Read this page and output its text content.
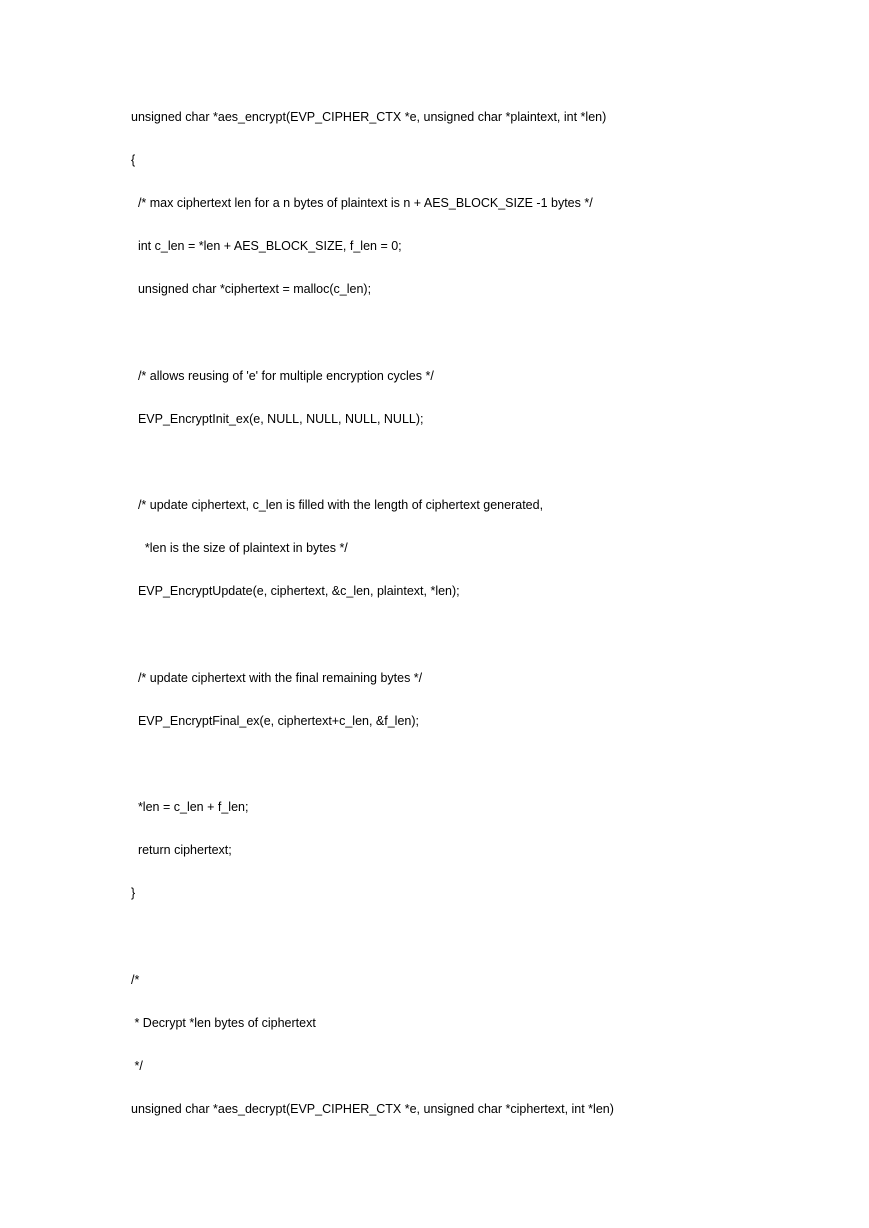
unsigned char *aes_encrypt(EVP_CIPHER_CTX *e, unsigned char *plaintext, int *len)
{
/* max ciphertext len for a n bytes of plaintext is n + AES_BLOCK_SIZE -1 bytes */
int c_len = *len + AES_BLOCK_SIZE, f_len = 0;
unsigned char *ciphertext = malloc(c_len);
/* allows reusing of 'e' for multiple encryption cycles */
EVP_EncryptInit_ex(e, NULL, NULL, NULL, NULL);
/* update ciphertext, c_len is filled with the length of ciphertext generated,
*len is the size of plaintext in bytes */
EVP_EncryptUpdate(e, ciphertext, &c_len, plaintext, *len);
/* update ciphertext with the final remaining bytes */
EVP_EncryptFinal_ex(e, ciphertext+c_len, &f_len);
*len = c_len + f_len;
return ciphertext;
}
/*
* Decrypt *len bytes of ciphertext
*/
unsigned char *aes_decrypt(EVP_CIPHER_CTX *e, unsigned char *ciphertext, int *len)
